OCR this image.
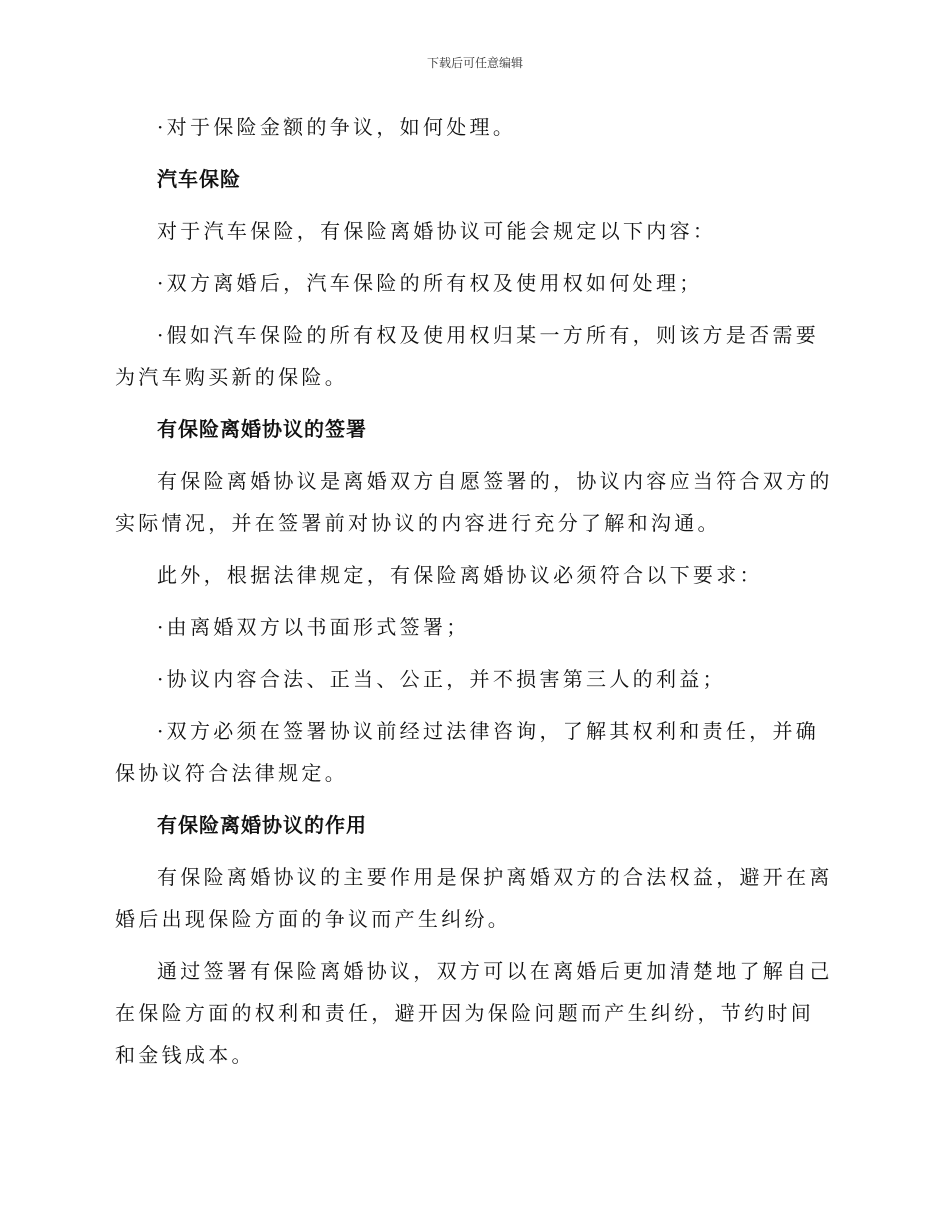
下载后可任意编辑

·对于保险金额的争议，如何处理。

汽车保险

对于汽车保险，有保险离婚协议可能会规定以下内容：

·双方离婚后，汽车保险的所有权及使用权如何处理；

·假如汽车保险的所有权及使用权归某一方所有，则该方是否需要为汽车购买新的保险。

有保险离婚协议的签署

有保险离婚协议是离婚双方自愿签署的，协议内容应当符合双方的实际情况，并在签署前对协议的内容进行充分了解和沟通。

此外，根据法律规定，有保险离婚协议必须符合以下要求：

·由离婚双方以书面形式签署；

·协议内容合法、正当、公正，并不损害第三人的利益；

·双方必须在签署协议前经过法律咨询，了解其权利和责任，并确保协议符合法律规定。

有保险离婚协议的作用

有保险离婚协议的主要作用是保护离婚双方的合法权益，避开在离婚后出现保险方面的争议而产生纠纷。

通过签署有保险离婚协议，双方可以在离婚后更加清楚地了解自己在保险方面的权利和责任，避开因为保险问题而产生纠纷，节约时间和金钱成本。
